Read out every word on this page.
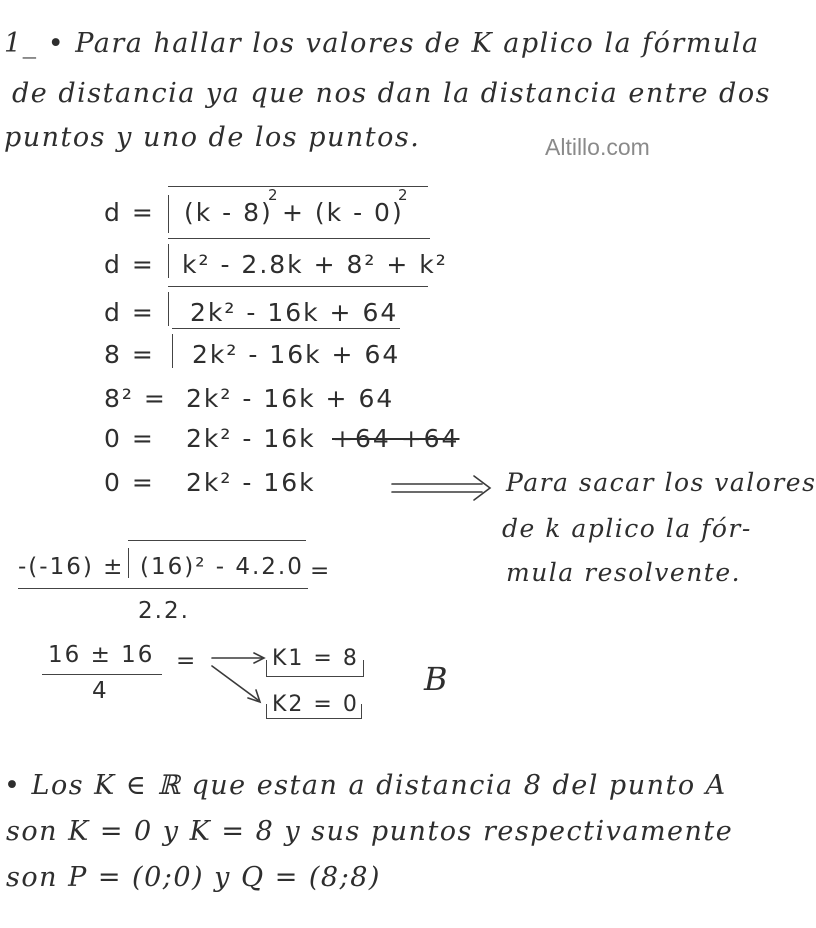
1_ • Para hallar los valores de K aplico la fórmula
de distancia ya que nos dan la distancia entre dos
puntos y uno de los puntos.	Altillo.com
d = (k - 8)
2
+ (k - 0)
2
d = k² - 2.8k + 8² + k²
d = 2k² - 16k + 64
8 = 2k² - 16k + 64
8² = 2k² - 16k + 64
0 = 2k² - 16k +64 +64
0 = 2k² - 16k	Para sacar los valores
de k aplico la fór-
mula resolvente.
-(-16) ± (16)² - 4.2.0 =
2.2.
16 ± 16
4
=	K1 = 8
K2 = 0
B
• Los K ∈ ℝ que estan a distancia 8 del punto A
son K = 0 y K = 8 y sus puntos respectivamente
son P = (0;0) y Q = (8;8)
